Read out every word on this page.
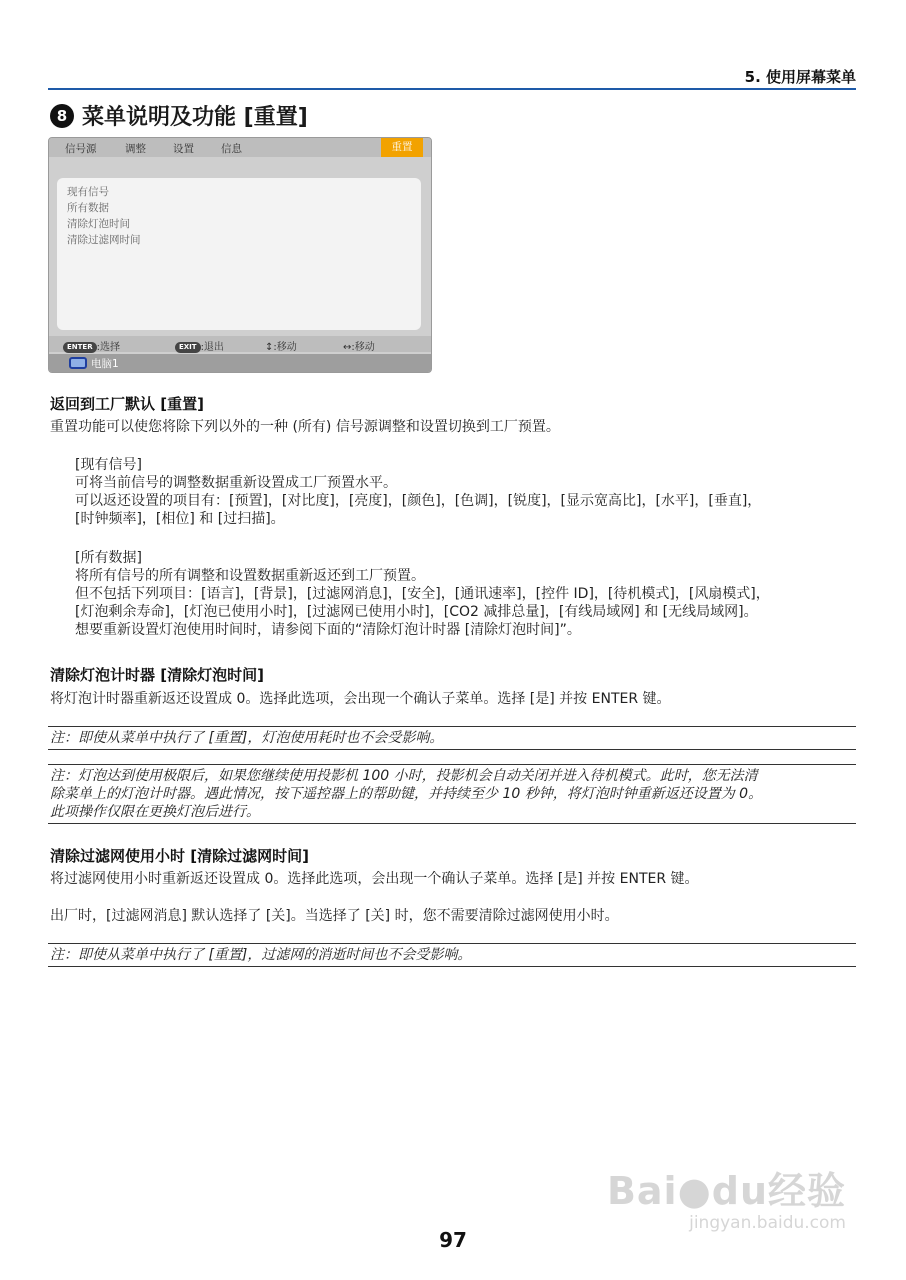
5. 使用屏幕菜单
8 菜单说明及功能 [重置]
信号源	调整	设置	信息	重置
现有信号
所有数据
清除灯泡时间
清除过滤网时间
ENTER :选择	EXIT :退出	↕:移动	↔:移动
电脑1
返回到工厂默认 [重置]
重置功能可以使您将除下列以外的一种 (所有) 信号源调整和设置切换到工厂预置。
[现有信号]
可将当前信号的调整数据重新设置成工厂预置水平。
可以返还设置的项目有：[预置]，[对比度]，[亮度]，[颜色]，[色调]，[锐度]，[显示宽高比]，[水平]，[垂直]，
[时钟频率]，[相位] 和 [过扫描]。
[所有数据]
将所有信号的所有调整和设置数据重新返还到工厂预置。
但不包括下列项目：[语言]，[背景]，[过滤网消息]，[安全]，[通讯速率]，[控件 ID]，[待机模式]，[风扇模式]，
[灯泡剩余寿命]，[灯泡已使用小时]，[过滤网已使用小时]，[CO2 减排总量]，[有线局域网] 和 [无线局域网]。
想要重新设置灯泡使用时间时，请参阅下面的“清除灯泡计时器 [清除灯泡时间]”。
清除灯泡计时器 [清除灯泡时间]
将灯泡计时器重新返还设置成 0。选择此选项，会出现一个确认子菜单。选择 [是] 并按 ENTER 键。
注：即使从菜单中执行了 [重置]，灯泡使用耗时也不会受影响。
注：灯泡达到使用极限后，如果您继续使用投影机 100 小时，投影机会自动关闭并进入待机模式。此时，您无法清
除菜单上的灯泡计时器。遇此情况，按下遥控器上的帮助键，并持续至少 10 秒钟，将灯泡时钟重新返还设置为 0。
此项操作仅限在更换灯泡后进行。
清除过滤网使用小时 [清除过滤网时间]
将过滤网使用小时重新返还设置成 0。选择此选项，会出现一个确认子菜单。选择 [是] 并按 ENTER 键。
出厂时，[过滤网消息] 默认选择了 [关]。当选择了 [关] 时，您不需要清除过滤网使用小时。
注：即使从菜单中执行了 [重置]，过滤网的消逝时间也不会受影响。
Bai●du经验
jingyan.baidu.com
97
